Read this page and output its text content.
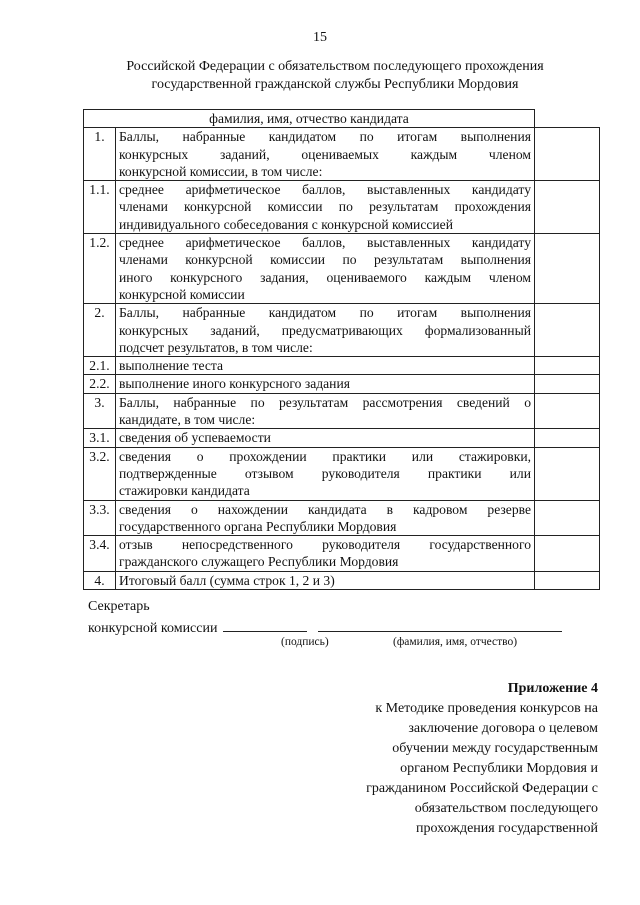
15
Российской Федерации с обязательством последующего прохождения
государственной гражданской службы Республики Мордовия
фамилия, имя, отчество кандидата		
1.	Баллы, набранные кандидатом по итогам выполнения
конкурсных заданий, оцениваемых каждым членом
конкурсной комиссии, в том числе:	

1.1.	среднее арифметическое баллов, выставленных кандидату
членами конкурсной комиссии по результатам прохождения
индивидуального собеседования с конкурсной комиссией	

1.2.	среднее арифметическое баллов, выставленных кандидату
членами конкурсной комиссии по результатам выполнения
иного конкурсного задания, оцениваемого каждым членом
конкурсной комиссии	

2.	Баллы, набранные кандидатом по итогам выполнения
конкурсных заданий, предусматривающих формализованный
подсчет результатов, в том числе:	

2.1.	выполнение теста	

2.2.	выполнение иного конкурсного задания	

3.	Баллы, набранные по результатам рассмотрения сведений о
кандидате, в том числе:	

3.1.	сведения об успеваемости	

3.2.	сведения о прохождении практики или стажировки,
подтвержденные отзывом руководителя практики или
стажировки кандидата	

3.3.	сведения о нахождении кандидата в кадровом резерве
государственного органа Республики Мордовия	

3.4.	отзыв непосредственного руководителя государственного
гражданского служащего Республики Мордовия	

4.	Итоговый балл (сумма строк 1, 2 и 3)	

Секретарь
конкурсной комиссии
(подпись)	(фамилия, имя, отчество)
Приложение 4
к Методике проведения конкурсов на
заключение договора о целевом
обучении между государственным
органом Республики Мордовия и
гражданином Российской Федерации с
обязательством последующего
прохождения государственной
